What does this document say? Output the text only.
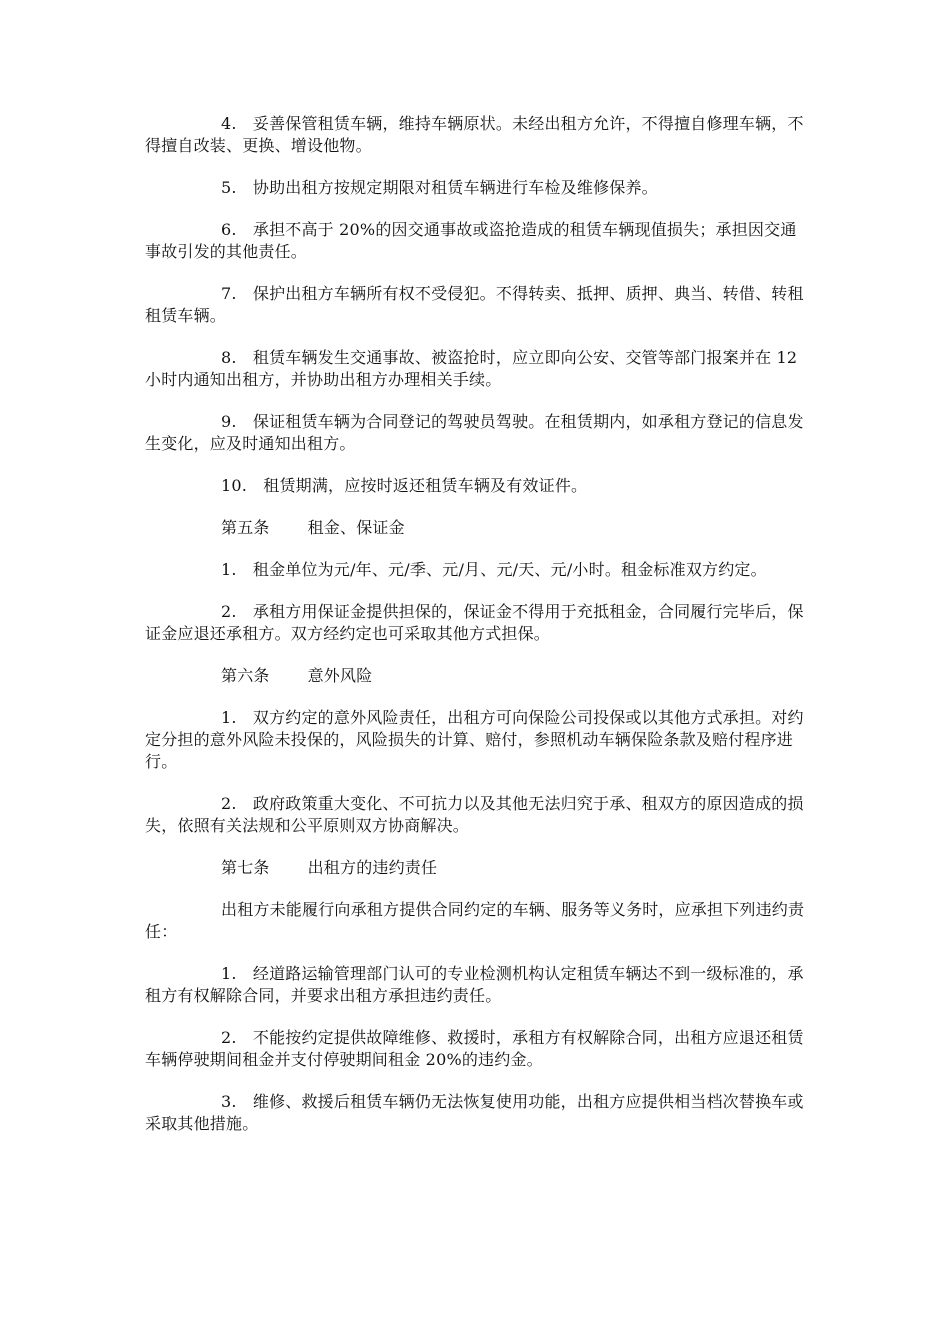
4.　妥善保管租赁车辆，维持车辆原状。未经出租方允许，不得擅自修理车辆，不得擅自改装、更换、增设他物。

5.　协助出租方按规定期限对租赁车辆进行车检及维修保养。

6.　承担不高于 20%的因交通事故或盗抢造成的租赁车辆现值损失；承担因交通事故引发的其他责任。

7.　保护出租方车辆所有权不受侵犯。不得转卖、抵押、质押、典当、转借、转租租赁车辆。

8.　租赁车辆发生交通事故、被盗抢时，应立即向公安、交管等部门报案并在 12 小时内通知出租方，并协助出租方办理相关手续。

9.　保证租赁车辆为合同登记的驾驶员驾驶。在租赁期内，如承租方登记的信息发生变化，应及时通知出租方。

10.　租赁期满，应按时返还租赁车辆及有效证件。

第五条 租金、保证金

1.　租金单位为元/年、元/季、元/月、元/天、元/小时。租金标准双方约定。

2.　承租方用保证金提供担保的，保证金不得用于充抵租金，合同履行完毕后，保证金应退还承租方。双方经约定也可采取其他方式担保。

第六条 意外风险

1.　双方约定的意外风险责任，出租方可向保险公司投保或以其他方式承担。对约定分担的意外风险未投保的，风险损失的计算、赔付，参照机动车辆保险条款及赔付程序进行。

2.　政府政策重大变化、不可抗力以及其他无法归究于承、租双方的原因造成的损失，依照有关法规和公平原则双方协商解决。

第七条 出租方的违约责任

出租方未能履行向承租方提供合同约定的车辆、服务等义务时，应承担下列违约责任：

1.　经道路运输管理部门认可的专业检测机构认定租赁车辆达不到一级标准的，承租方有权解除合同，并要求出租方承担违约责任。

2.　不能按约定提供故障维修、救援时，承租方有权解除合同，出租方应退还租赁车辆停驶期间租金并支付停驶期间租金 20%的违约金。

3.　维修、救援后租赁车辆仍无法恢复使用功能，出租方应提供相当档次替换车或采取其他措施。
